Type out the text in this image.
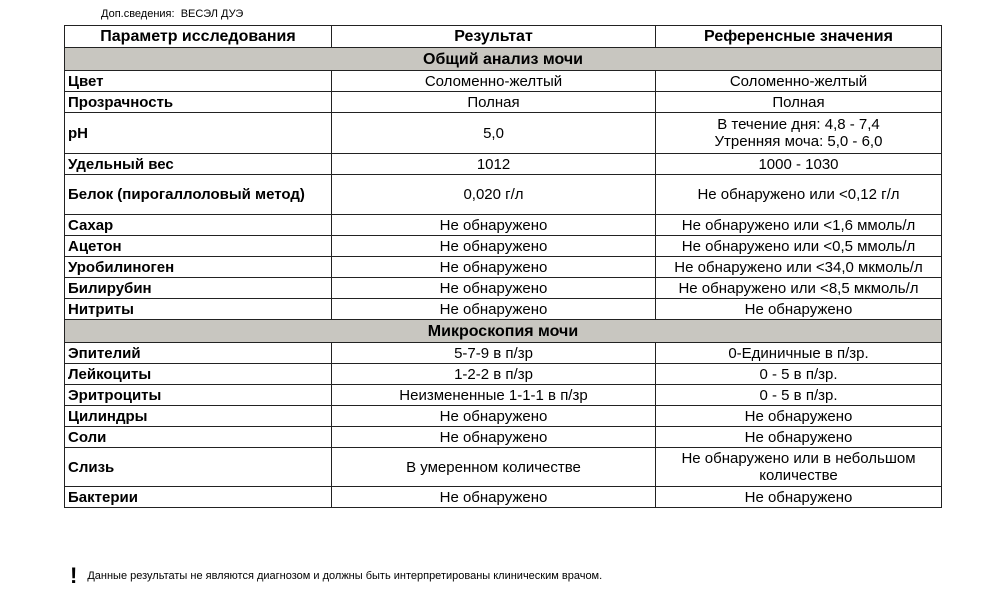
Доп.сведения: ВЕСЭЛ ДУЭ
Параметр исследования	Результат	Референсные значения
Общий анализ мочи		
Цвет	Соломенно-желтый	Соломенно-желтый
Прозрачность	Полная	Полная
pH	5,0	В течение дня: 4,8 - 7,4
Утренняя моча: 5,0 - 6,0
Удельный вес	1012	1000 - 1030
Белок (пирогаллоловый метод)	0,020 г/л	Не обнаружено или <0,12 г/л
Сахар	Не обнаружено	Не обнаружено или <1,6 ммоль/л
Ацетон	Не обнаружено	Не обнаружено или <0,5 ммоль/л
Уробилиноген	Не обнаружено	Не обнаружено или <34,0 мкмоль/л
Билирубин	Не обнаружено	Не обнаружено или <8,5 мкмоль/л
Нитриты	Не обнаружено	Не обнаружено
Микроскопия мочи		
Эпителий	5-7-9 в п/зр	0-Единичные в п/зр.
Лейкоциты	1-2-2 в п/зр	0 - 5 в п/зр.
Эритроциты	Неизмененные 1-1-1 в п/зр	0 - 5 в п/зр.
Цилиндры	Не обнаружено	Не обнаружено
Соли	Не обнаружено	Не обнаружено
Слизь	В умеренном количестве	Не обнаружено или в небольшом количестве
Бактерии	Не обнаружено	Не обнаружено
! Данные результаты не являются диагнозом и должны быть интерпретированы клиническим врачом.
